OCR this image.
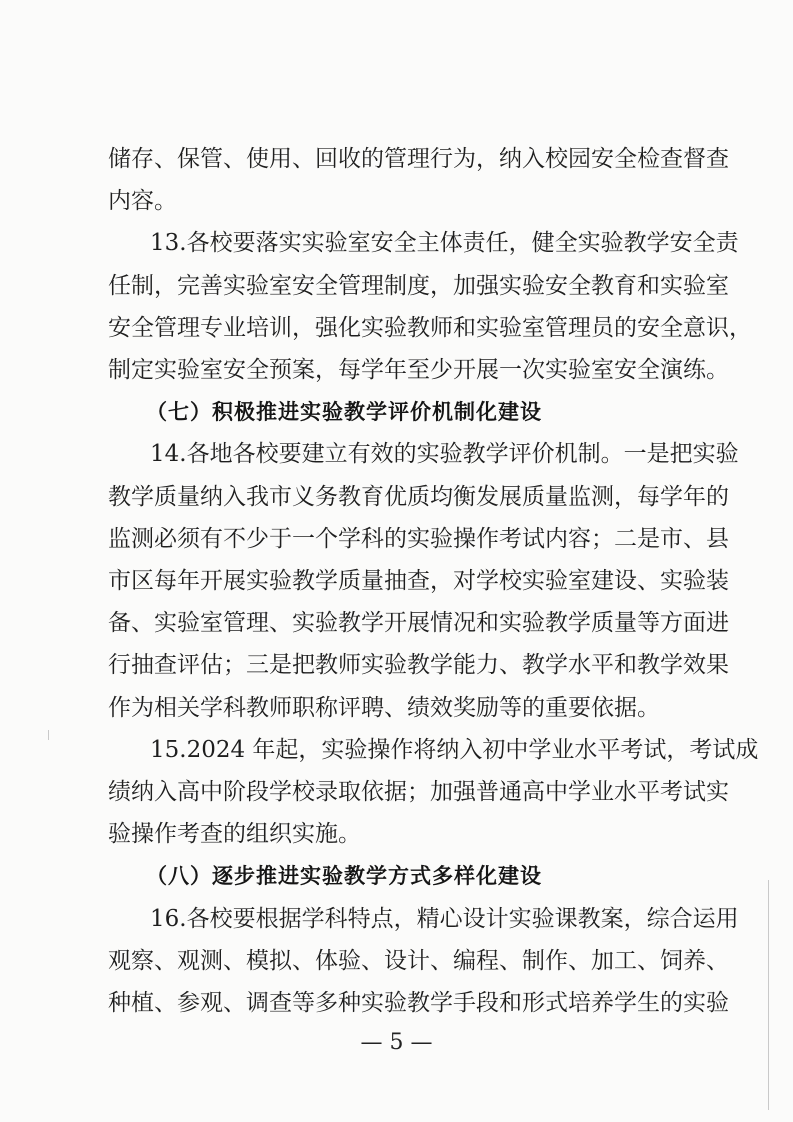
储存、保管、使用、回收的管理行为，纳入校园安全检查督查
内容。
13.各校要落实实验室安全主体责任，健全实验教学安全责
任制，完善实验室安全管理制度，加强实验安全教育和实验室
安全管理专业培训，强化实验教师和实验室管理员的安全意识，
制定实验室安全预案，每学年至少开展一次实验室安全演练。
（七）积极推进实验教学评价机制化建设
14.各地各校要建立有效的实验教学评价机制。一是把实验
教学质量纳入我市义务教育优质均衡发展质量监测，每学年的
监测必须有不少于一个学科的实验操作考试内容；二是市、县
市区每年开展实验教学质量抽查，对学校实验室建设、实验装
备、实验室管理、实验教学开展情况和实验教学质量等方面进
行抽查评估；三是把教师实验教学能力、教学水平和教学效果
作为相关学科教师职称评聘、绩效奖励等的重要依据。
15.2024 年起，实验操作将纳入初中学业水平考试，考试成
绩纳入高中阶段学校录取依据；加强普通高中学业水平考试实
验操作考查的组织实施。
（八）逐步推进实验教学方式多样化建设
16.各校要根据学科特点，精心设计实验课教案，综合运用
观察、观测、模拟、体验、设计、编程、制作、加工、饲养、
种植、参观、调查等多种实验教学手段和形式培养学生的实验
— 5 —
